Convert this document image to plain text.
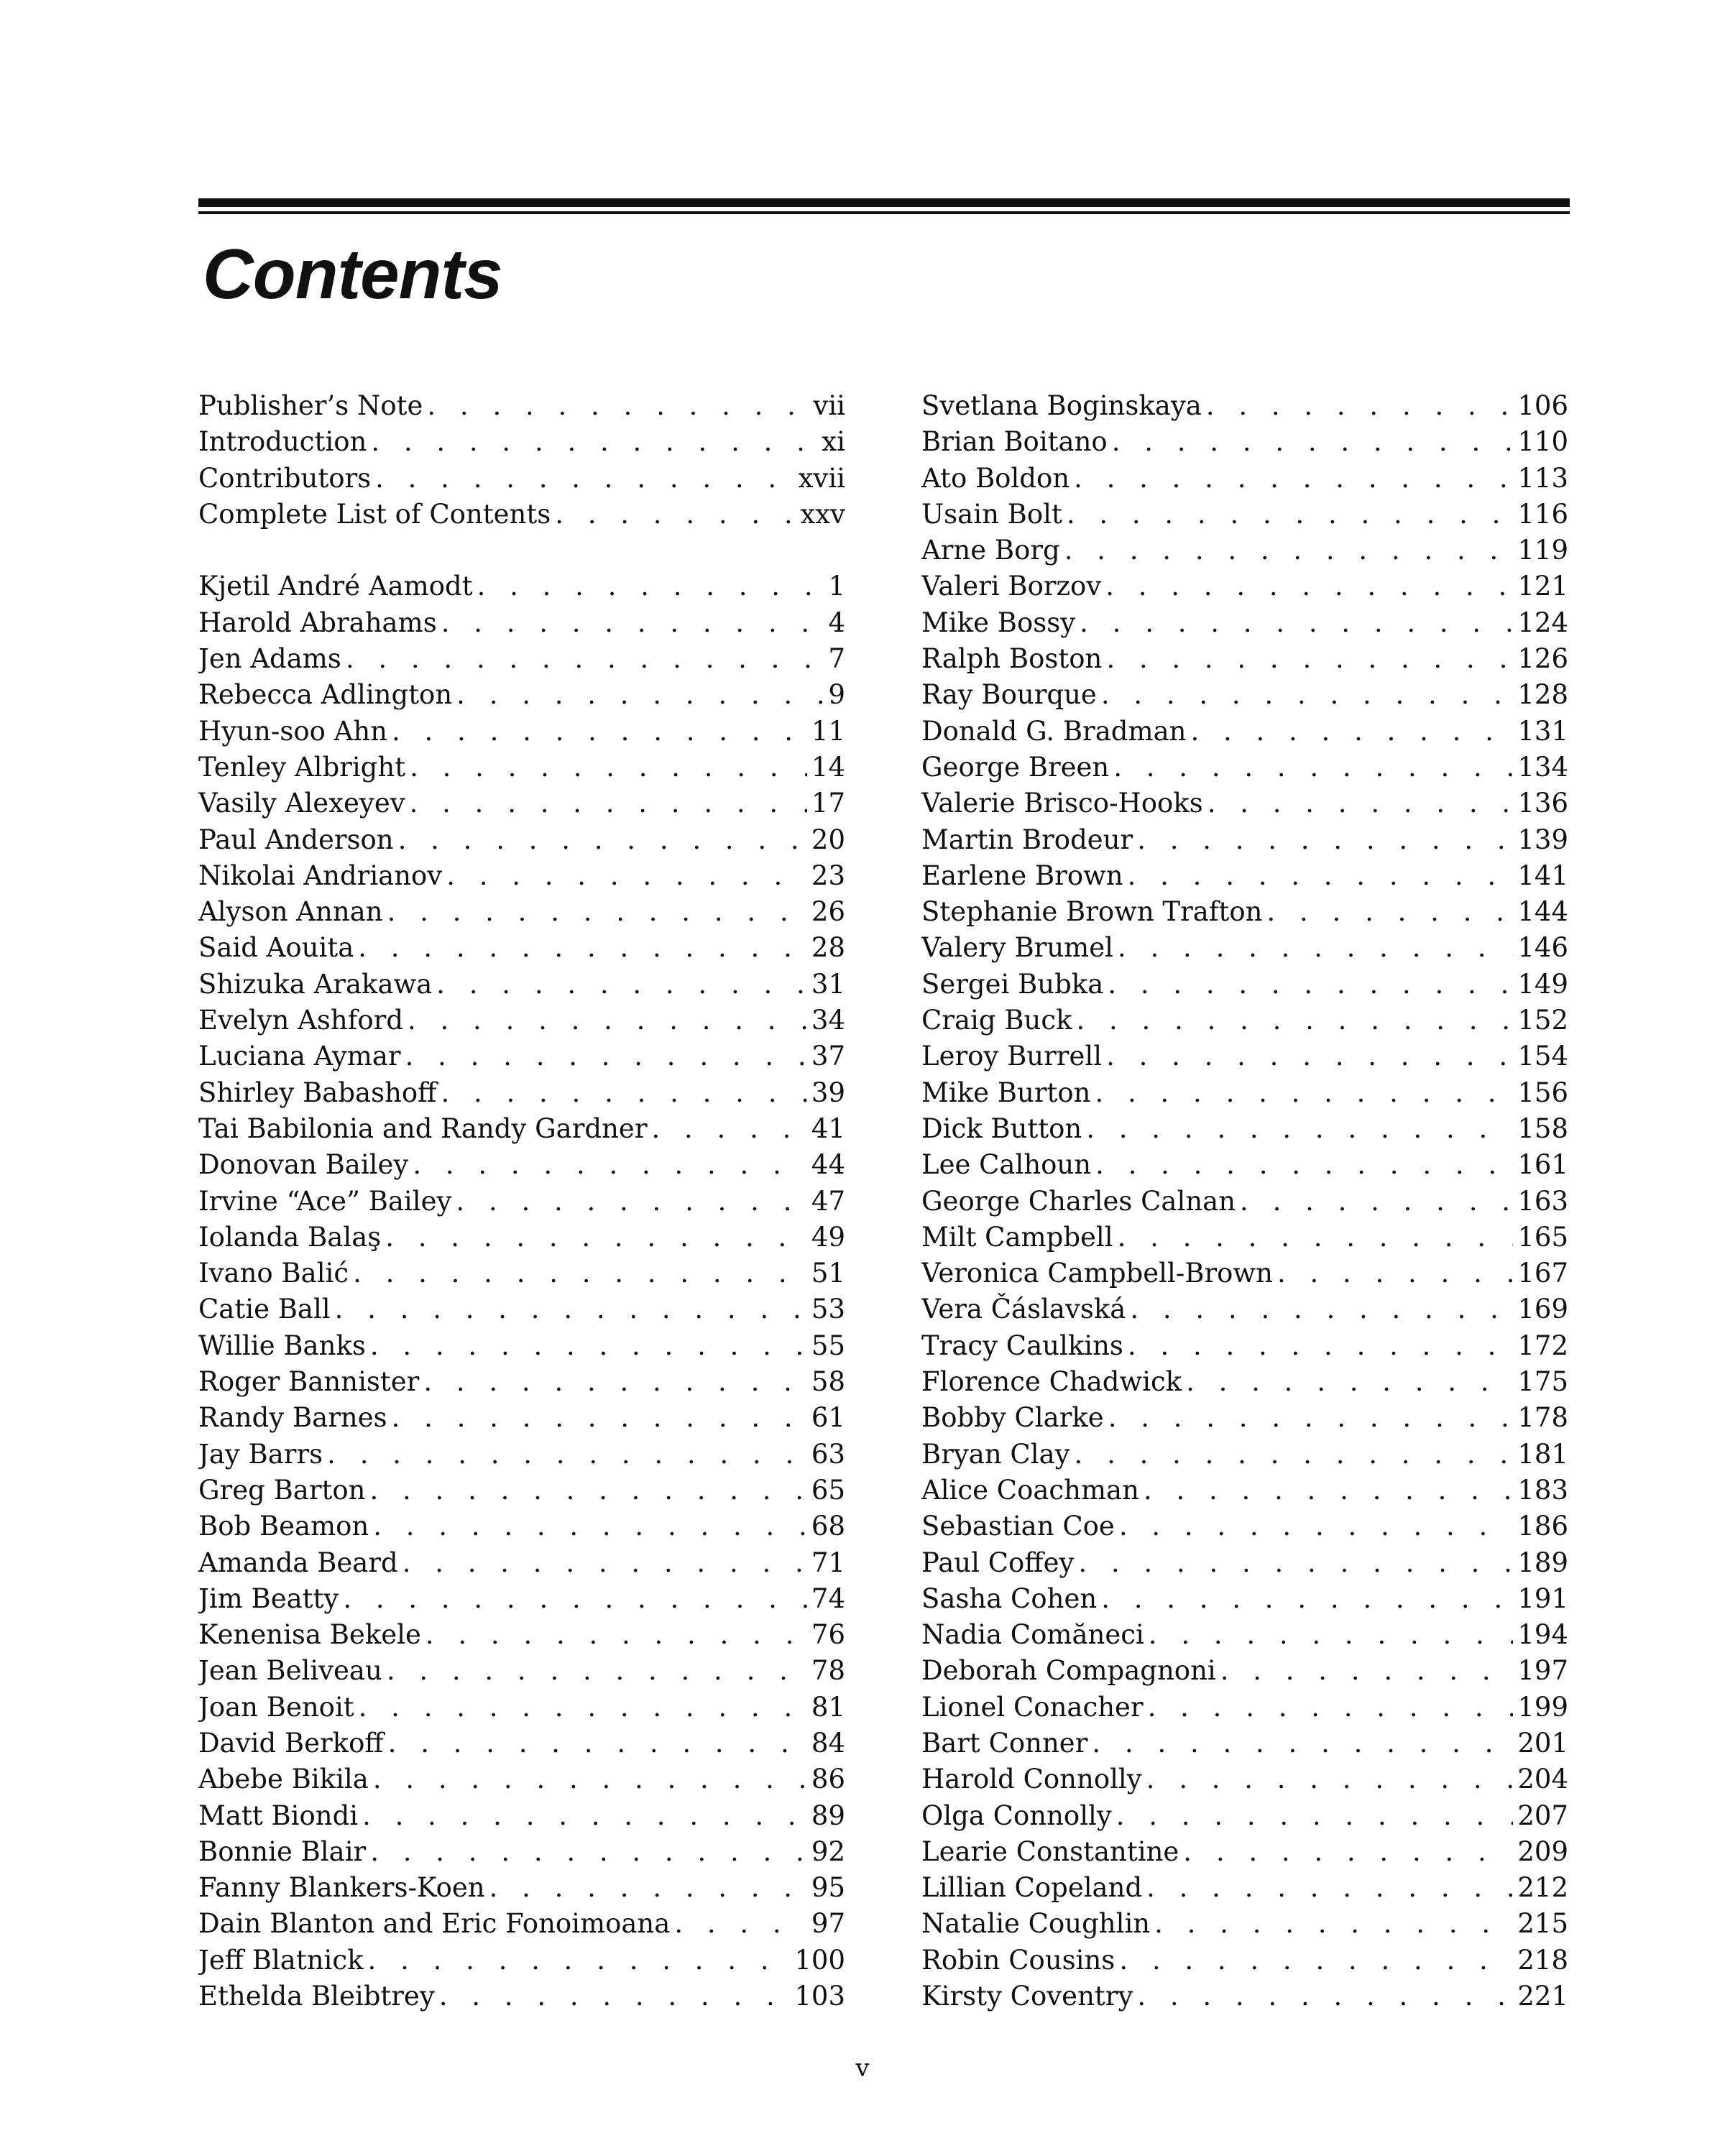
Contents
Publisher’s Note . . .	vii
Introduction . . .	xi
Contributors . . .	xvii
Complete List of Contents . . .	xxv
Kjetil André Aamodt . . .	1
Harold Abrahams . . .	4
Jen Adams . . .	7
Rebecca Adlington . . .	9
Hyun-soo Ahn . . .	11
Tenley Albright . . .	14
Vasily Alexeyev . . .	17
Paul Anderson . . .	20
Nikolai Andrianov . . .	23
Alyson Annan . . .	26
Said Aouita . . .	28
Shizuka Arakawa . . .	31
Evelyn Ashford . . .	34
Luciana Aymar . . .	37
Shirley Babashoff . . .	39
Tai Babilonia and Randy Gardner . . .	41
Donovan Bailey . . .	44
Irvine “Ace” Bailey . . .	47
Iolanda Balaş . . .	49
Ivano Balić . . .	51
Catie Ball . . .	53
Willie Banks . . .	55
Roger Bannister . . .	58
Randy Barnes . . .	61
Jay Barrs . . .	63
Greg Barton . . .	65
Bob Beamon . . .	68
Amanda Beard . . .	71
Jim Beatty . . .	74
Kenenisa Bekele . . .	76
Jean Beliveau . . .	78
Joan Benoit . . .	81
David Berkoff . . .	84
Abebe Bikila . . .	86
Matt Biondi . . .	89
Bonnie Blair . . .	92
Fanny Blankers-Koen . . .	95
Dain Blanton and Eric Fonoimoana . . .	97
Jeff Blatnick . . .	100
Ethelda Bleibtrey . . .	103
Svetlana Boginskaya . . .	106
Brian Boitano . . .	110
Ato Boldon . . .	113
Usain Bolt . . .	116
Arne Borg . . .	119
Valeri Borzov . . .	121
Mike Bossy . . .	124
Ralph Boston . . .	126
Ray Bourque . . .	128
Donald G. Bradman . . .	131
George Breen . . .	134
Valerie Brisco-Hooks . . .	136
Martin Brodeur . . .	139
Earlene Brown . . .	141
Stephanie Brown Trafton . . .	144
Valery Brumel . . .	146
Sergei Bubka . . .	149
Craig Buck . . .	152
Leroy Burrell . . .	154
Mike Burton . . .	156
Dick Button . . .	158
Lee Calhoun . . .	161
George Charles Calnan . . .	163
Milt Campbell . . .	165
Veronica Campbell-Brown . . .	167
Vera Čáslavská . . .	169
Tracy Caulkins . . .	172
Florence Chadwick . . .	175
Bobby Clarke . . .	178
Bryan Clay . . .	181
Alice Coachman . . .	183
Sebastian Coe . . .	186
Paul Coffey . . .	189
Sasha Cohen . . .	191
Nadia Comăneci . . .	194
Deborah Compagnoni . . .	197
Lionel Conacher . . .	199
Bart Conner . . .	201
Harold Connolly . . .	204
Olga Connolly . . .	207
Learie Constantine . . .	209
Lillian Copeland . . .	212
Natalie Coughlin . . .	215
Robin Cousins . . .	218
Kirsty Coventry . . .	221
v
